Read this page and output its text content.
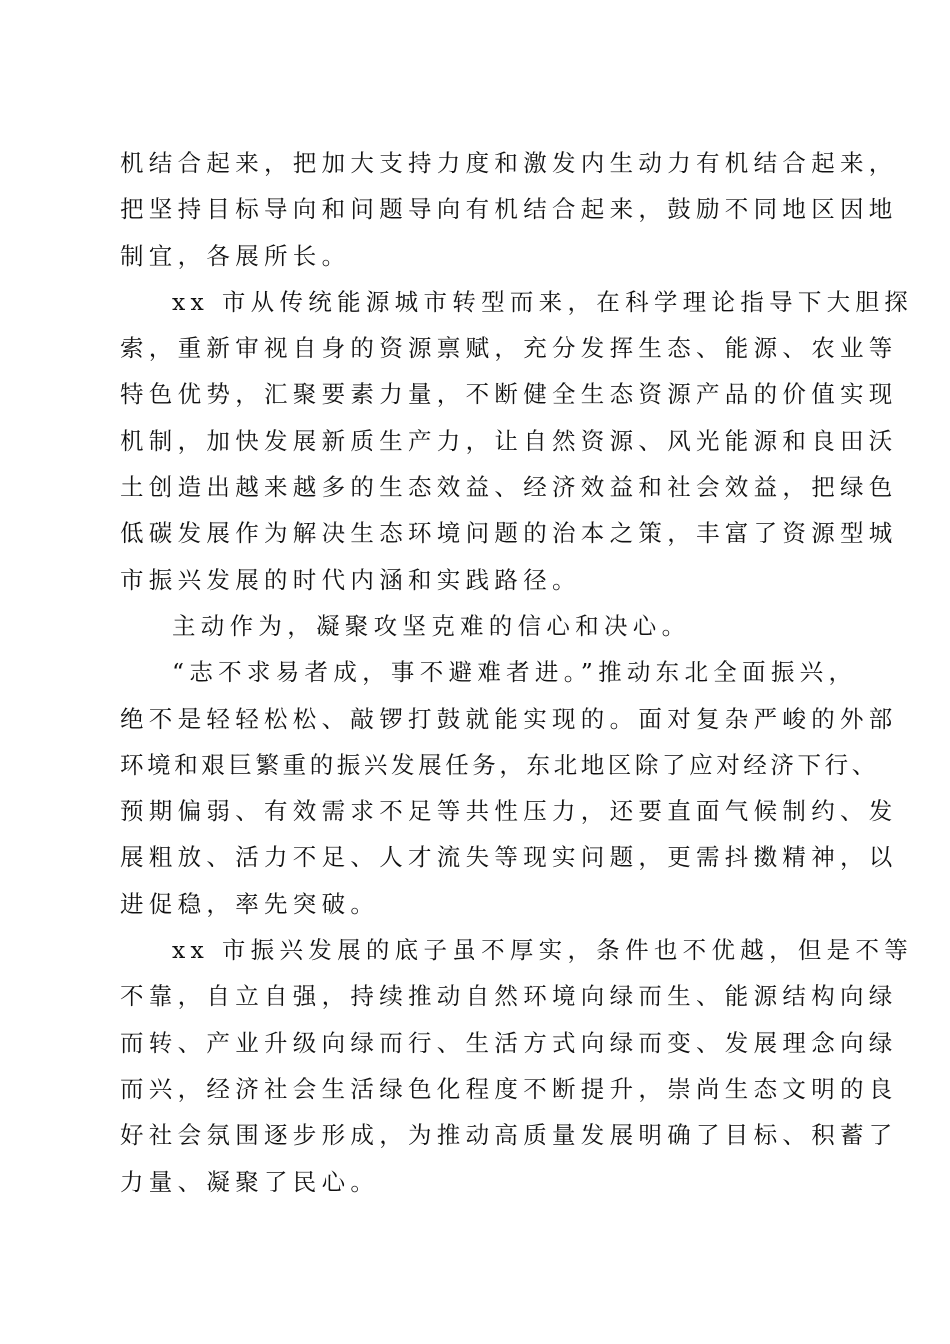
机结合起来，把加大支持力度和激发内生动力有机结合起来，
把坚持目标导向和问题导向有机结合起来，鼓励不同地区因地
制宜，各展所长。
xx 市从传统能源城市转型而来，在科学理论指导下大胆探
索，重新审视自身的资源禀赋，充分发挥生态、能源、农业等
特色优势，汇聚要素力量，不断健全生态资源产品的价值实现
机制，加快发展新质生产力，让自然资源、风光能源和良田沃
土创造出越来越多的生态效益、经济效益和社会效益，把绿色
低碳发展作为解决生态环境问题的治本之策，丰富了资源型城
市振兴发展的时代内涵和实践路径。
主动作为，凝聚攻坚克难的信心和决心。
“志不求易者成，事不避难者进。”推动东北全面振兴，
绝不是轻轻松松、敲锣打鼓就能实现的。面对复杂严峻的外部
环境和艰巨繁重的振兴发展任务，东北地区除了应对经济下行、
预期偏弱、有效需求不足等共性压力，还要直面气候制约、发
展粗放、活力不足、人才流失等现实问题，更需抖擞精神，以
进促稳，率先突破。
xx 市振兴发展的底子虽不厚实，条件也不优越，但是不等
不靠，自立自强，持续推动自然环境向绿而生、能源结构向绿
而转、产业升级向绿而行、生活方式向绿而变、发展理念向绿
而兴，经济社会生活绿色化程度不断提升，崇尚生态文明的良
好社会氛围逐步形成，为推动高质量发展明确了目标、积蓄了
力量、凝聚了民心。
